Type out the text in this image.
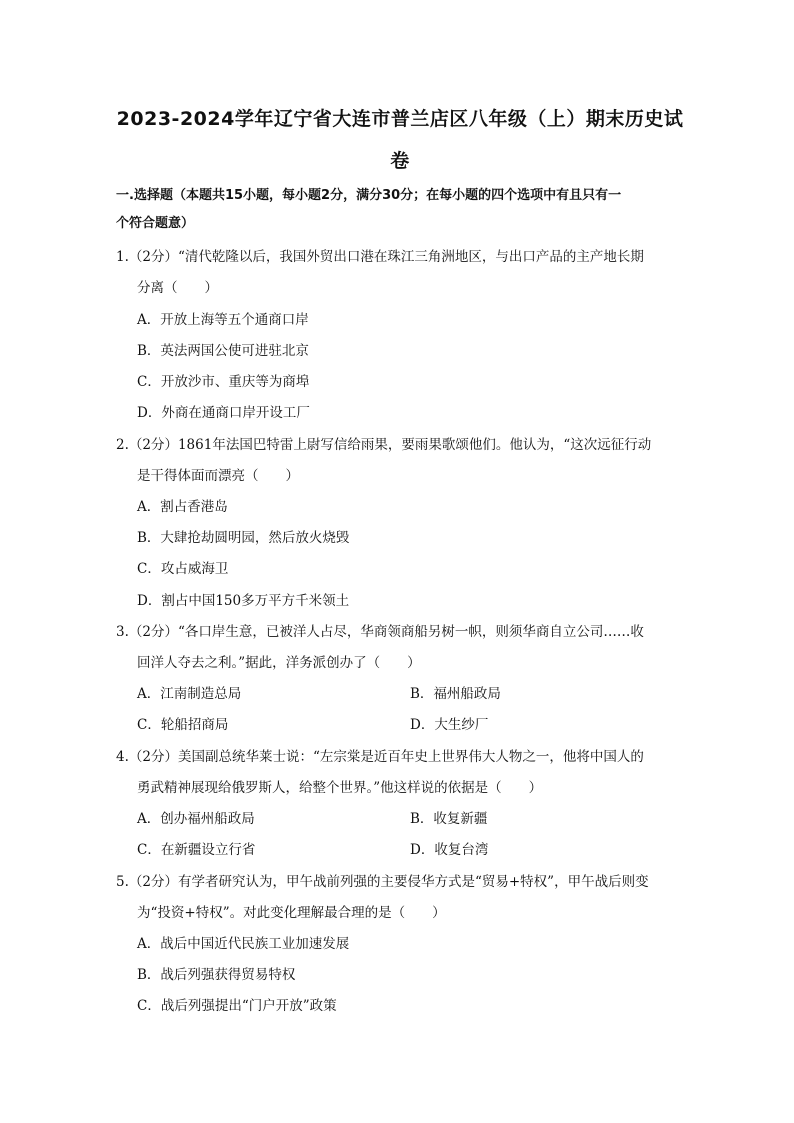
2023-2024学年辽宁省大连市普兰店区八年级（上）期末历史试
卷
一.选择题（本题共15小题，每小题2分，满分30分；在每小题的四个选项中有且只有一
个符合题意）
1.（2分）“清代乾隆以后，我国外贸出口港在珠江三角洲地区，与出口产品的主产地长期
分离（　　）
A．开放上海等五个通商口岸
B．英法两国公使可进驻北京
C．开放沙市、重庆等为商埠
D．外商在通商口岸开设工厂
2.（2分）1861年法国巴特雷上尉写信给雨果，要雨果歌颂他们。他认为，“这次远征行动
是干得体面而漂亮（　　）
A．割占香港岛
B．大肆抢劫圆明园，然后放火烧毁
C．攻占威海卫
D．割占中国150多万平方千米领土
3.（2分）“各口岸生意，已被洋人占尽，华商领商船另树一帜，则须华商自立公司……收
回洋人夺去之利。”据此，洋务派创办了（　　）
A．江南制造总局	B．福州船政局
C．轮船招商局	D．大生纱厂
4.（2分）美国副总统华莱士说：“左宗棠是近百年史上世界伟大人物之一，他将中国人的
勇武精神展现给俄罗斯人，给整个世界。”他这样说的依据是（　　）
A．创办福州船政局	B．收复新疆
C．在新疆设立行省	D．收复台湾
5.（2分）有学者研究认为，甲午战前列强的主要侵华方式是“贸易+特权”，甲午战后则变
为“投资+特权”。对此变化理解最合理的是（　　）
A．战后中国近代民族工业加速发展
B．战后列强获得贸易特权
C．战后列强提出“门户开放”政策
